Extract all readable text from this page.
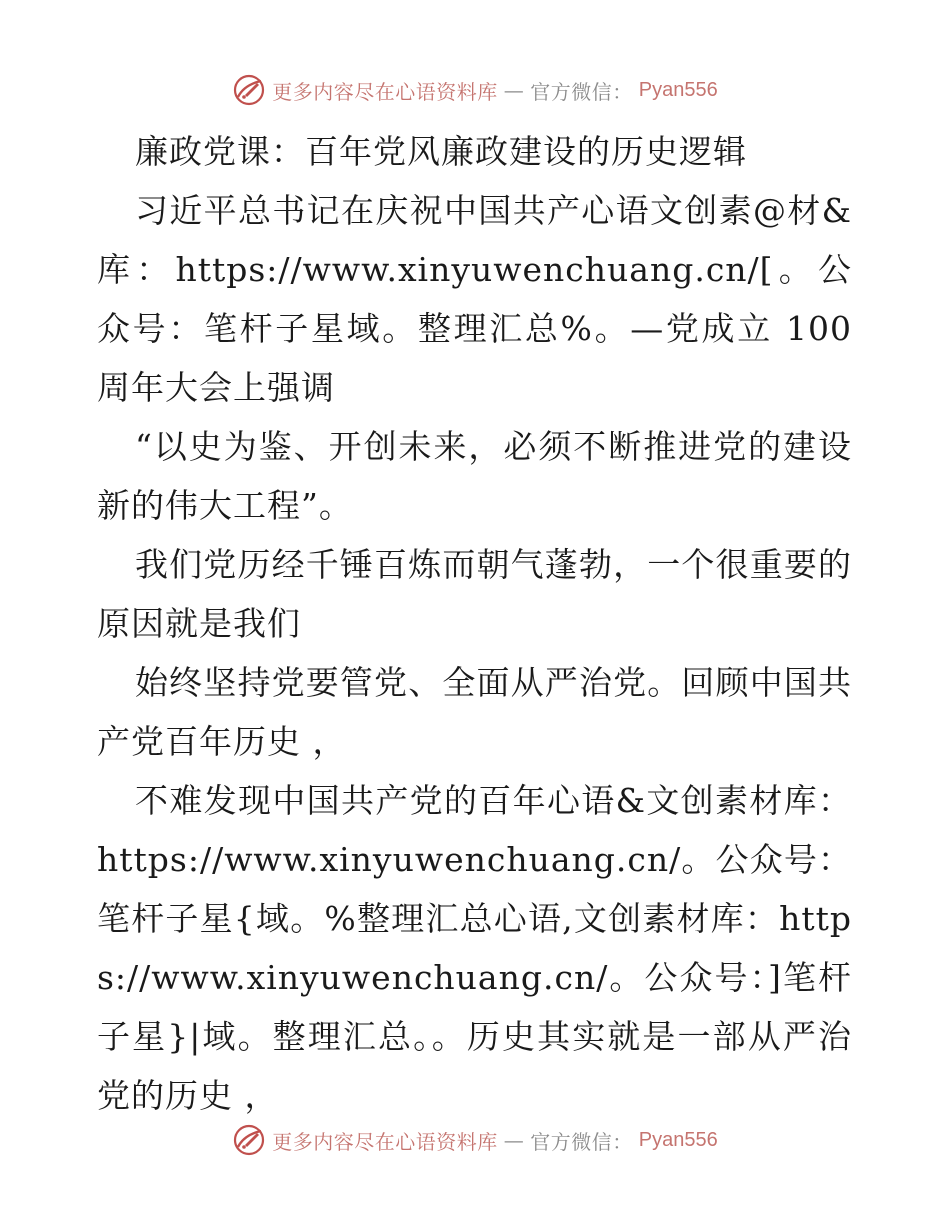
更多内容尽在心语资料库 — 官方微信： Pyan556

廉政党课：百年党风廉政建设的历史逻辑

习近平总书记在庆祝中国共产心语文创素@材&库：https://www.xinyuwenchuang.cn/[。公众号：笔杆子星域。整理汇总%。—党成立 100 周年大会上强调

“以史为鉴、开创未来，必须不断推进党的建设新的伟大工程”。

我们党历经千锤百炼而朝气蓬勃，一个很重要的原因就是我们

始终坚持党要管党、全面从严治党。回顾中国共产党百年历史 ，

不难发现中国共产党的百年心语&文创素材库：https://www.xinyuwenchuang.cn/。公众号：笔杆子星{域。%整理汇总心语,文创素材库：https://www.xinyuwenchuang.cn/。公众号：]笔杆子星}|域。整理汇总。。历史其实就是一部从严治党的历史 ，

更多内容尽在心语资料库 — 官方微信： Pyan556
